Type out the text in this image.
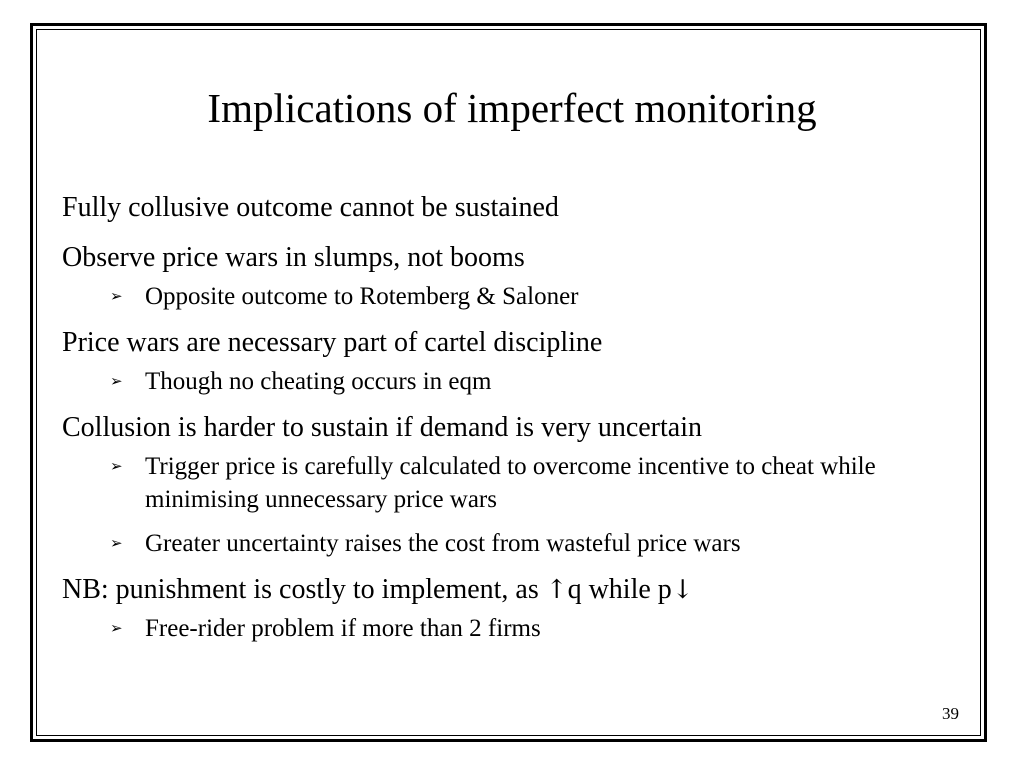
Implications of imperfect monitoring
Fully collusive outcome cannot be sustained
Observe price wars in slumps, not booms
➢ Opposite outcome to Rotemberg & Saloner
Price wars are necessary part of cartel discipline
➢ Though no cheating occurs in eqm
Collusion is harder to sustain if demand is very uncertain
➢ Trigger price is carefully calculated to overcome incentive to cheat while minimising unnecessary price wars
➢ Greater uncertainty raises the cost from wasteful price wars
NB: punishment is costly to implement, as ↑q while p↓
➢ Free-rider problem if more than 2 firms
39
